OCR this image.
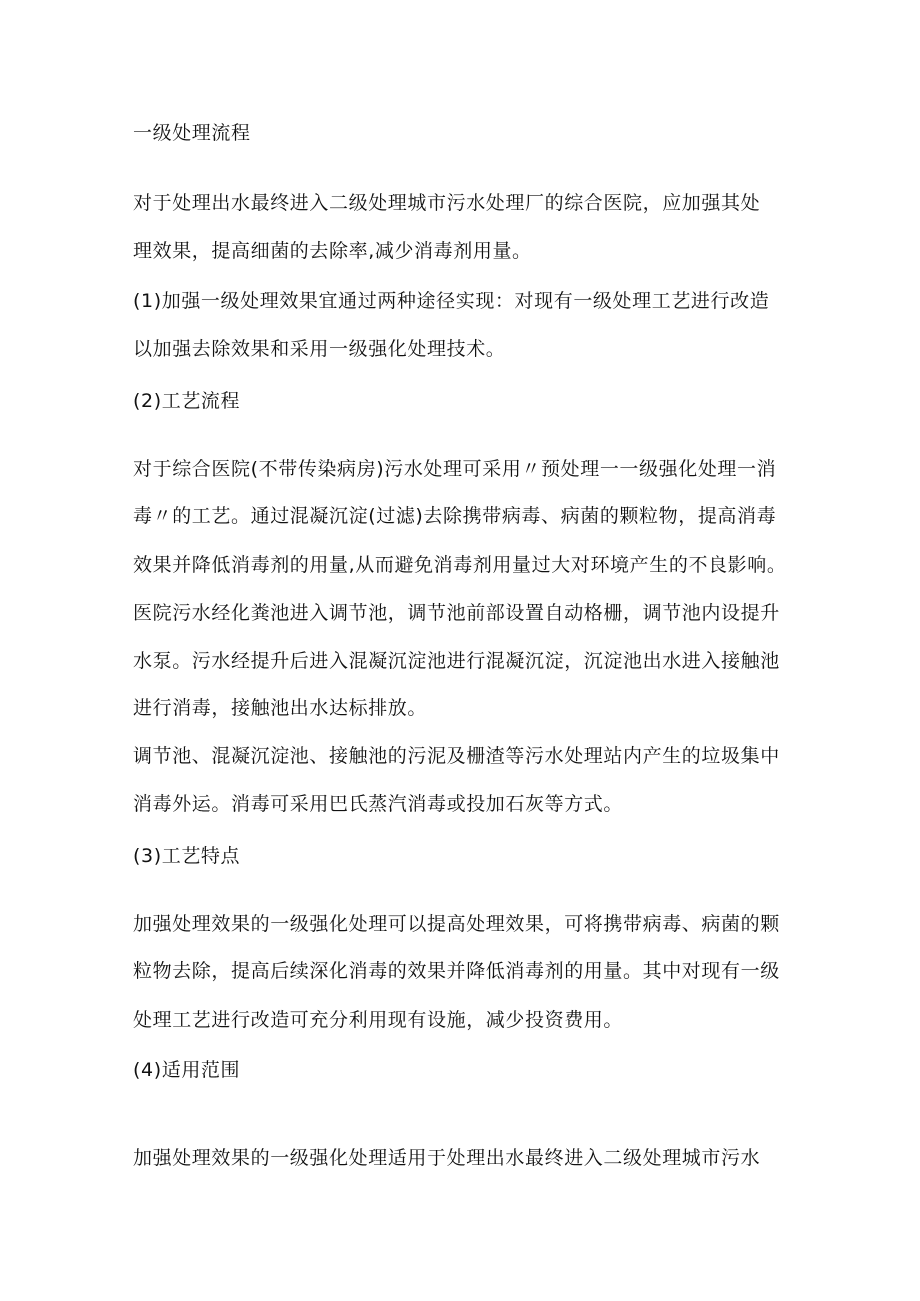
一级处理流程

对于处理出水最终进入二级处理城市污水处理厂的综合医院，应加强其处

理效果，提高细菌的去除率,减少消毒剂用量。

(1)加强一级处理效果宜通过两种途径实现：对现有一级处理工艺进行改造

以加强去除效果和采用一级强化处理技术。

(2)工艺流程

对于综合医院(不带传染病房)污水处理可采用〃预处理一一级强化处理一消

毒〃的工艺。通过混凝沉淀(过滤)去除携带病毒、病菌的颗粒物，提高消毒

效果并降低消毒剂的用量,从而避免消毒剂用量过大对环境产生的不良影响。

医院污水经化粪池进入调节池，调节池前部设置自动格栅，调节池内设提升

水泵。污水经提升后进入混凝沉淀池进行混凝沉淀，沉淀池出水进入接触池

进行消毒，接触池出水达标排放。

调节池、混凝沉淀池、接触池的污泥及栅渣等污水处理站内产生的垃圾集中

消毒外运。消毒可采用巴氏蒸汽消毒或投加石灰等方式。

(3)工艺特点

加强处理效果的一级强化处理可以提高处理效果，可将携带病毒、病菌的颗

粒物去除，提高后续深化消毒的效果并降低消毒剂的用量。其中对现有一级

处理工艺进行改造可充分利用现有设施，减少投资费用。

(4)适用范围

加强处理效果的一级强化处理适用于处理出水最终进入二级处理城市污水
